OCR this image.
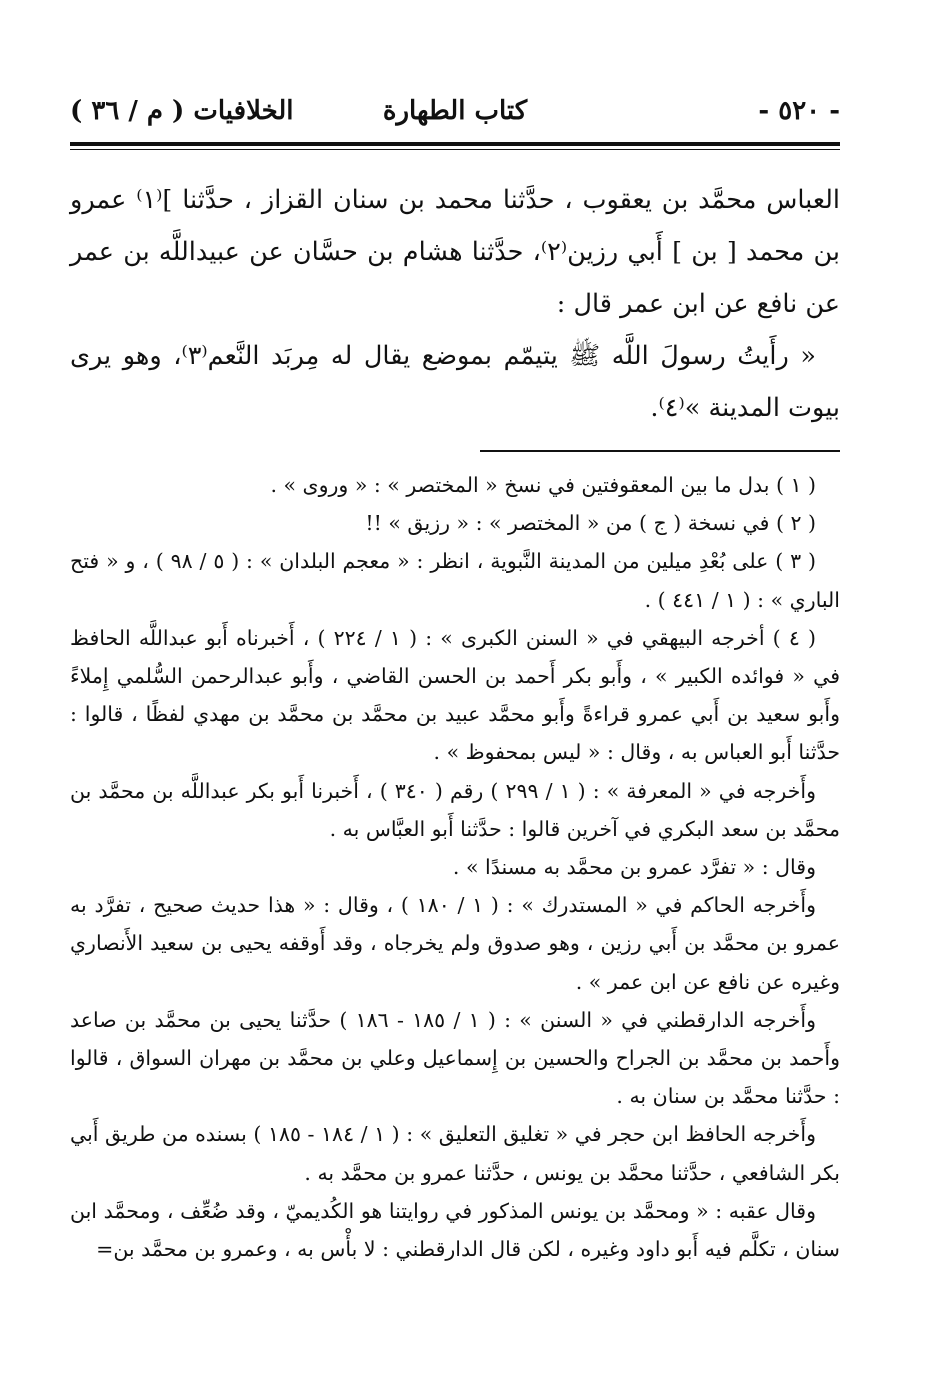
- ٥٢٠ -
كتاب الطهارة
الخلافيات ( م / ٣٦ )

العباس محمَّد بن يعقوب ، حدَّثنا محمد بن سنان القزاز ، حدَّثنا ]⁽١⁾ عمرو بن محمد [ بن ] أَبي رزين⁽٢⁾، حدَّثنا هشام بن حسَّان عن عبيداللَّه بن عمر عن نافع عن ابن عمر قال :

« رأَيتُ رسولَ اللَّه ﷺ يتيمّم بموضع يقال له مِربَد النَّعم⁽٣⁾، وهو يرى بيوت المدينة »⁽٤⁾.

( ١ ) بدل ما بين المعقوفتين في نسخ « المختصر » : « وروى » .

( ٢ ) في نسخة ( ج ) من « المختصر » : « رزيق » !!

( ٣ ) على بُعْدِ ميلين من المدينة النَّبوية ، انظر : « معجم البلدان » : ( ٥ / ٩٨ ) ، و « فتح الباري » : ( ١ / ٤٤١ ) .

( ٤ ) أخرجه البيهقي في « السنن الكبرى » : ( ١ / ٢٢٤ ) ، أَخبرناه أَبو عبداللَّه الحافظ في « فوائده الكبير » ، وأَبو بكر أَحمد بن الحسن القاضي ، وأَبو عبدالرحمن السُّلمي إِملاءً وأَبو سعيد بن أَبي عمرو قراءةً وأَبو محمَّد عبيد بن محمَّد بن محمَّد بن مهدي لفظًا ، قالوا : حدَّثنا أَبو العباس به ، وقال : « ليس بمحفوظ » .

وأَخرجه في « المعرفة » : ( ١ / ٢٩٩ ) رقم ( ٣٤٠ ) ، أَخبرنا أَبو بكر عبداللَّه بن محمَّد بن محمَّد بن سعد البكري في آخرين قالوا : حدَّثنا أَبو العبَّاس به .

وقال : « تفرَّد عمرو بن محمَّد به مسندًا » .

وأَخرجه الحاكم في « المستدرك » : ( ١ / ١٨٠ ) ، وقال : « هذا حديث صحيح ، تفرَّد به عمرو بن محمَّد بن أَبي رزين ، وهو صدوق ولم يخرجاه ، وقد أَوقفه يحيى بن سعيد الأَنصاري وغيره عن نافع عن ابن عمر » .

وأَخرجه الدارقطني في « السنن » : ( ١ / ١٨٥ - ١٨٦ ) حدَّثنا يحيى بن محمَّد بن صاعد وأَحمد بن محمَّد بن الجراح والحسين بن إِسماعيل وعلي بن محمَّد بن مهران السواق ، قالوا : حدَّثنا محمَّد بن سنان به .

وأَخرجه الحافظ ابن حجر في « تغليق التعليق » : ( ١ / ١٨٤ - ١٨٥ ) بسنده من طريق أَبي بكر الشافعي ، حدَّثنا محمَّد بن يونس ، حدَّثنا عمرو بن محمَّد به .

وقال عقبه : « ومحمَّد بن يونس المذكور في روايتنا هو الكُديميّ ، وقد ضُعِّف ، ومحمَّد ابن سنان ، تكلَّم فيه أَبو داود وغيره ، لكن قال الدارقطني : لا بأْس به ، وعمرو بن محمَّد بن=
